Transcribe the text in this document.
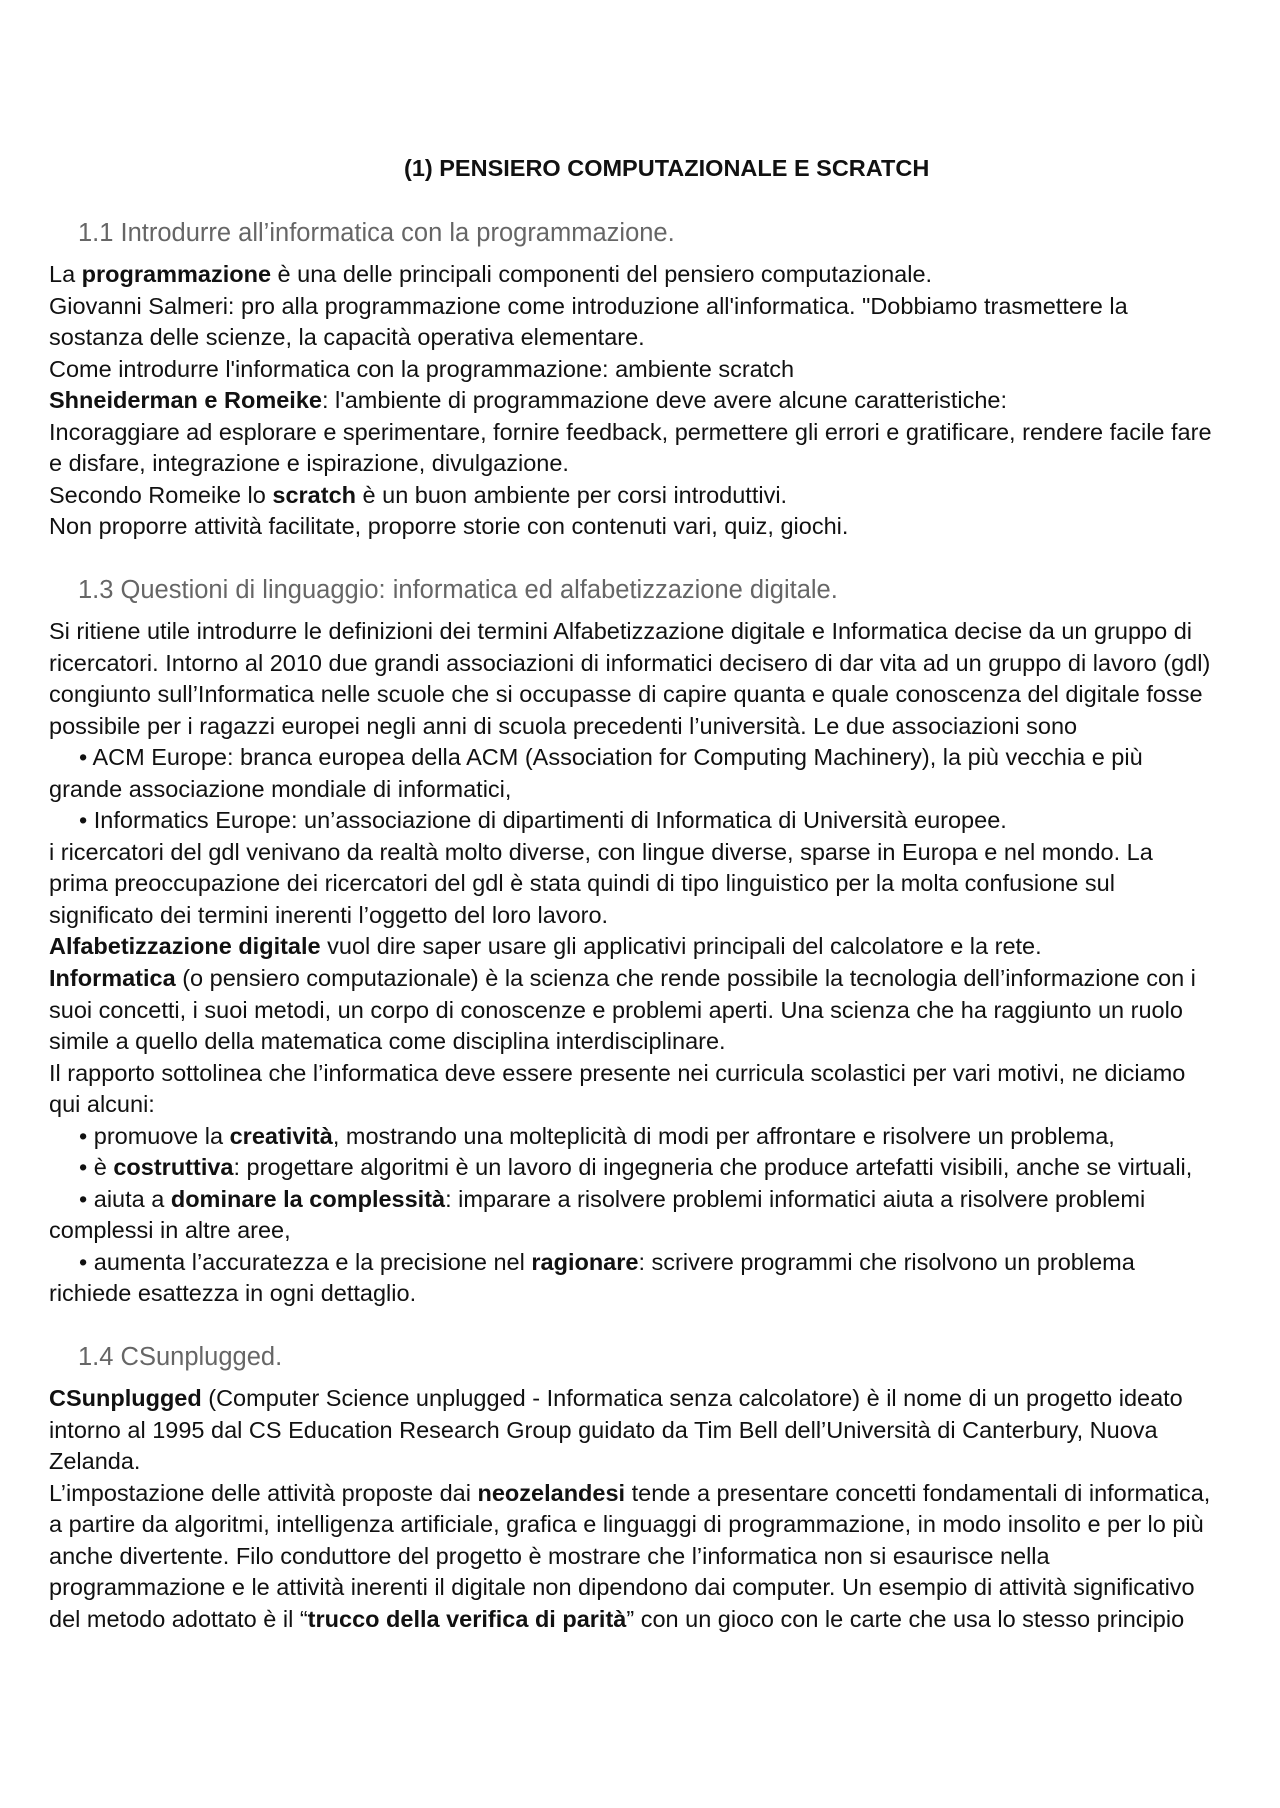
(1) PENSIERO COMPUTAZIONALE E SCRATCH
1.1 Introdurre all’informatica con la programmazione.
La programmazione è una delle principali componenti del pensiero computazionale.
Giovanni Salmeri: pro alla programmazione come introduzione all'informatica. "Dobbiamo trasmettere la
sostanza delle scienze, la capacità operativa elementare.
Come introdurre l'informatica con la programmazione: ambiente scratch
Shneiderman e Romeike: l'ambiente di programmazione deve avere alcune caratteristiche:
Incoraggiare ad esplorare e sperimentare, fornire feedback, permettere gli errori e gratificare, rendere facile fare
e disfare, integrazione e ispirazione, divulgazione.
Secondo Romeike lo scratch è un buon ambiente per corsi introduttivi.
Non proporre attività facilitate, proporre storie con contenuti vari, quiz, giochi.
1.3 Questioni di linguaggio: informatica ed alfabetizzazione digitale.
Si ritiene utile introdurre le definizioni dei termini Alfabetizzazione digitale e Informatica decise da un gruppo di
ricercatori. Intorno al 2010 due grandi associazioni di informatici decisero di dar vita ad un gruppo di lavoro (gdl)
congiunto sull’Informatica nelle scuole che si occupasse di capire quanta e quale conoscenza del digitale fosse
possibile per i ragazzi europei negli anni di scuola precedenti l’università. Le due associazioni sono
• ACM Europe: branca europea della ACM (Association for Computing Machinery), la più vecchia e più
grande associazione mondiale di informatici,
• Informatics Europe: un’associazione di dipartimenti di Informatica di Università europee.
i ricercatori del gdl venivano da realtà molto diverse, con lingue diverse, sparse in Europa e nel mondo. La
prima preoccupazione dei ricercatori del gdl è stata quindi di tipo linguistico per la molta confusione sul
significato dei termini inerenti l’oggetto del loro lavoro.
Alfabetizzazione digitale vuol dire saper usare gli applicativi principali del calcolatore e la rete.
Informatica (o pensiero computazionale) è la scienza che rende possibile la tecnologia dell’informazione con i
suoi concetti, i suoi metodi, un corpo di conoscenze e problemi aperti. Una scienza che ha raggiunto un ruolo
simile a quello della matematica come disciplina interdisciplinare.
Il rapporto sottolinea che l’informatica deve essere presente nei curricula scolastici per vari motivi, ne diciamo
qui alcuni:
• promuove la creatività, mostrando una molteplicità di modi per affrontare e risolvere un problema,
• è costruttiva: progettare algoritmi è un lavoro di ingegneria che produce artefatti visibili, anche se virtuali,
• aiuta a dominare la complessità: imparare a risolvere problemi informatici aiuta a risolvere problemi
complessi in altre aree,
• aumenta l’accuratezza e la precisione nel ragionare: scrivere programmi che risolvono un problema
richiede esattezza in ogni dettaglio.
1.4 CSunplugged.
CSunplugged (Computer Science unplugged - Informatica senza calcolatore) è il nome di un progetto ideato
intorno al 1995 dal CS Education Research Group guidato da Tim Bell dell’Università di Canterbury, Nuova
Zelanda.
L’impostazione delle attività proposte dai neozelandesi tende a presentare concetti fondamentali di informatica,
a partire da algoritmi, intelligenza artificiale, grafica e linguaggi di programmazione, in modo insolito e per lo più
anche divertente. Filo conduttore del progetto è mostrare che l’informatica non si esaurisce nella
programmazione e le attività inerenti il digitale non dipendono dai computer. Un esempio di attività significativo
del metodo adottato è il “trucco della verifica di parità” con un gioco con le carte che usa lo stesso principio
